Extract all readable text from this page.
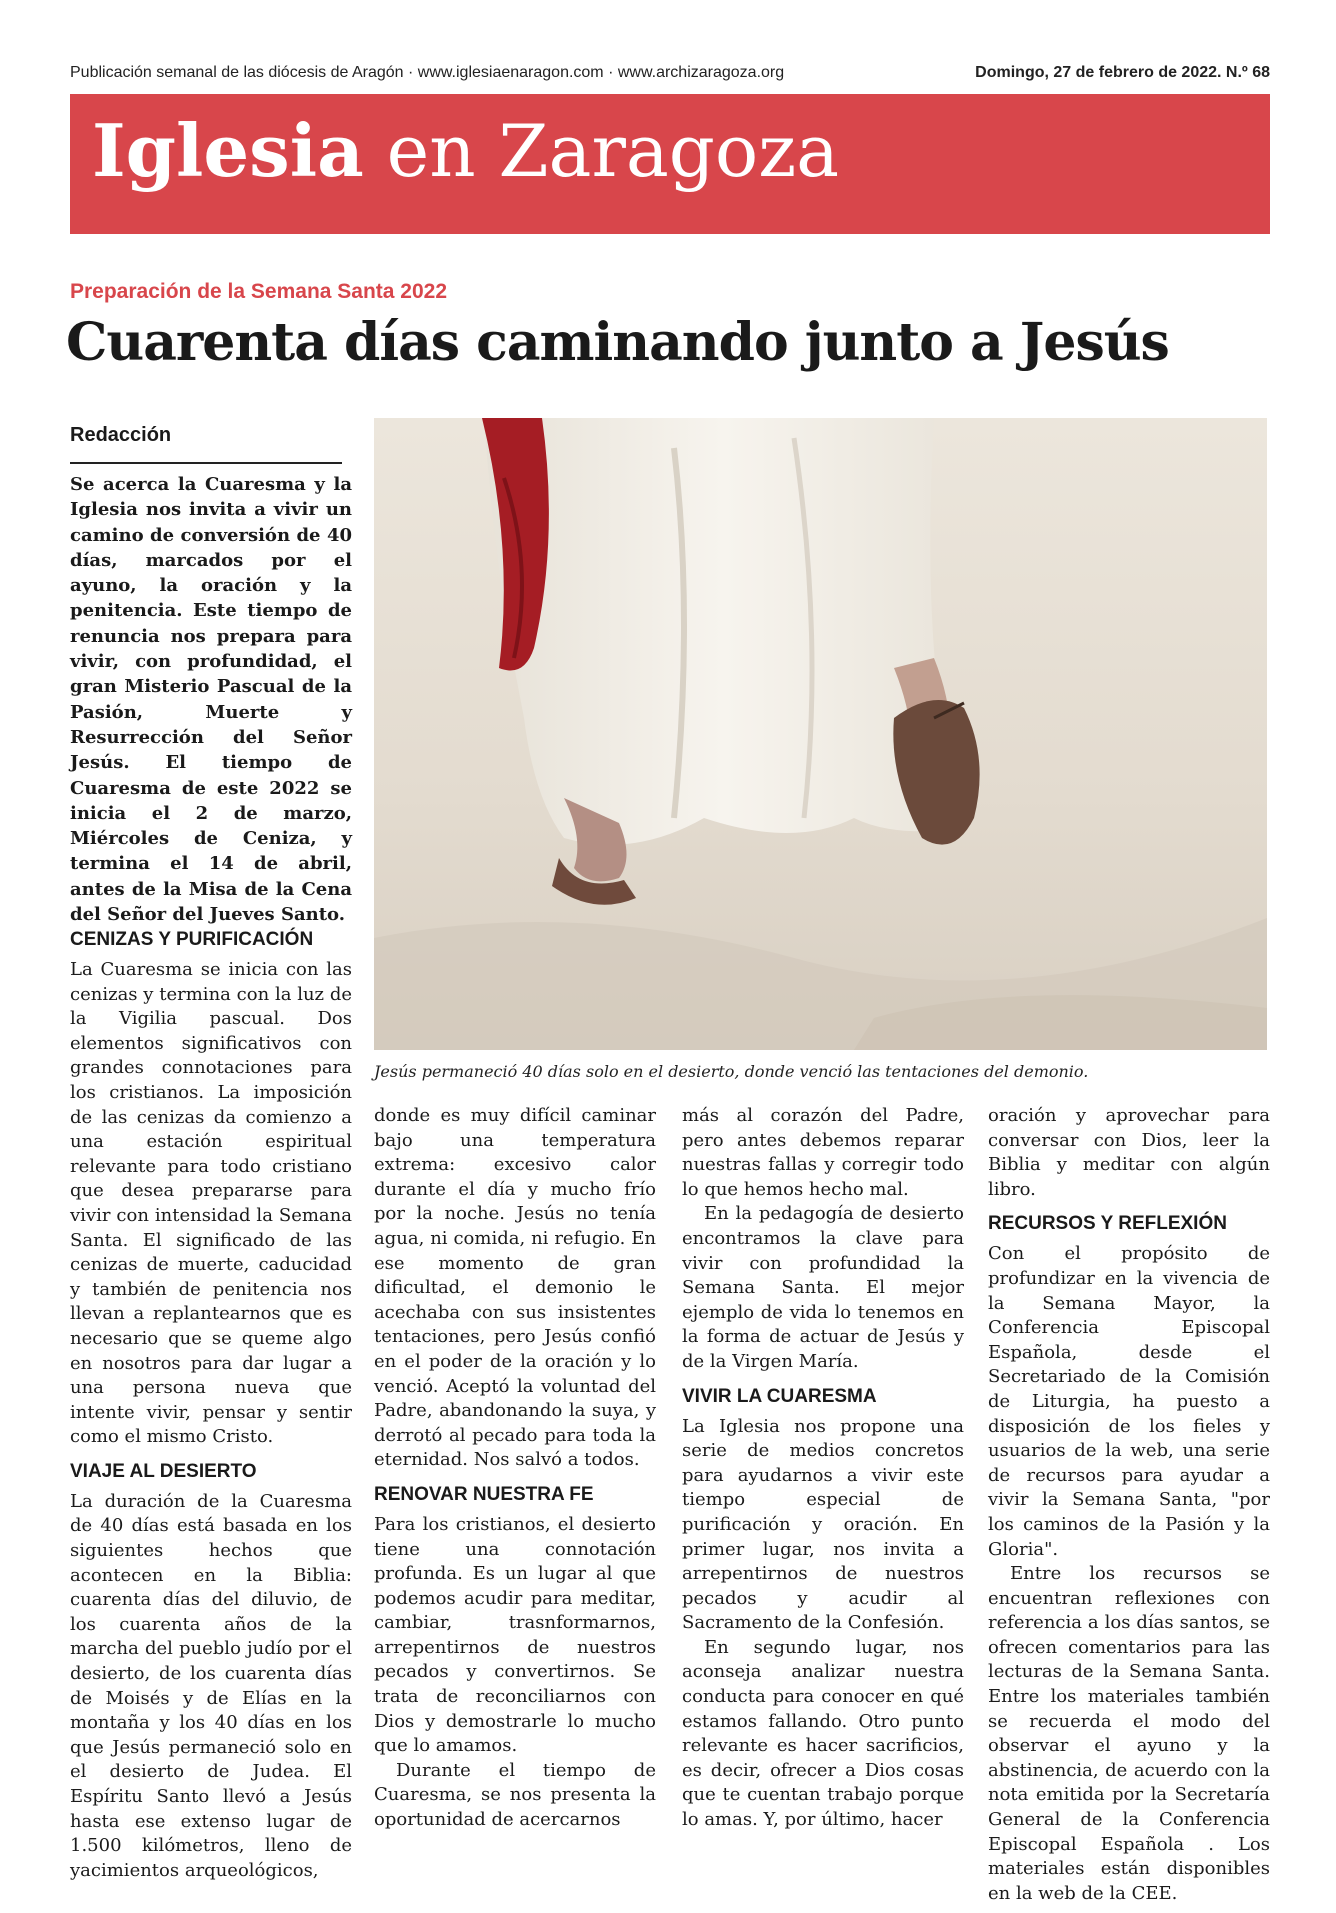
Publicación semanal de las diócesis de Aragón · www.iglesiaenaragon.com · www.archizaragoza.org	Domingo, 27 de febrero de 2022. N.º 68
Iglesia en Zaragoza
Preparación de la Semana Santa 2022
Cuarenta días caminando junto a Jesús
Redacción
Se acerca la Cuaresma y la Iglesia nos invita a vivir un camino de conversión de 40 días, marcados por el ayuno, la oración y la penitencia. Este tiempo de renuncia nos prepara para vivir, con profundidad, el gran Misterio Pascual de la Pasión, Muerte y Resurrección del Señor Jesús. El tiempo de Cuaresma de este 2022 se inicia el 2 de marzo, Miércoles de Ceniza, y termina el 14 de abril, antes de la Misa de la Cena del Señor del Jueves Santo.
Jesús permaneció 40 días solo en el desierto, donde venció las tentaciones del demonio.
CENIZAS Y PURIFICACIÓN

La Cuaresma se inicia con las cenizas y termina con la luz de la Vigilia pascual. Dos elementos significativos con grandes connotaciones para los cristianos. La imposición de las cenizas da comienzo a una estación espiritual relevante para todo cristiano que desea prepararse para vivir con intensidad la Semana Santa. El significado de las cenizas de muerte, caducidad y también de penitencia nos llevan a replantearnos que es necesario que se queme algo en nosotros para dar lugar a una persona nueva que intente vivir, pensar y sentir como el mismo Cristo.

VIAJE AL DESIERTO

La duración de la Cuaresma de 40 días está basada en los siguientes hechos que acontecen en la Biblia: cuarenta días del diluvio, de los cuarenta años de la marcha del pueblo judío por el desierto, de los cuarenta días de Moisés y de Elías en la montaña y los 40 días en los que Jesús permaneció solo en el desierto de Judea. El Espíritu Santo llevó a Jesús hasta ese extenso lugar de 1.500 kilómetros, lleno de yacimientos arqueológicos,

donde es muy difícil caminar bajo una temperatura extrema: excesivo calor durante el día y mucho frío por la noche. Jesús no tenía agua, ni comida, ni refugio. En ese momento de gran dificultad, el demonio le acechaba con sus insistentes tentaciones, pero Jesús confió en el poder de la oración y lo venció. Aceptó la voluntad del Padre, abandonando la suya, y derrotó al pecado para toda la eternidad. Nos salvó a todos.

RENOVAR NUESTRA FE

Para los cristianos, el desierto tiene una connotación profunda. Es un lugar al que podemos acudir para meditar, cambiar, trasnformarnos, arrepentirnos de nuestros pecados y convertirnos. Se trata de reconciliarnos con Dios y demostrarle lo mucho que lo amamos.

Durante el tiempo de Cuaresma, se nos presenta la oportunidad de acercarnos

más al corazón del Padre, pero antes debemos reparar nuestras fallas y corregir todo lo que hemos hecho mal.

En la pedagogía de desierto encontramos la clave para vivir con profundidad la Semana Santa. El mejor ejemplo de vida lo tenemos en la forma de actuar de Jesús y de la Virgen María.

VIVIR LA CUARESMA

La Iglesia nos propone una serie de medios concretos para ayudarnos a vivir este tiempo especial de purificación y oración. En primer lugar, nos invita a arrepentirnos de nuestros pecados y acudir al Sacramento de la Confesión.

En segundo lugar, nos aconseja analizar nuestra conducta para conocer en qué estamos fallando. Otro punto relevante es hacer sacrificios, es decir, ofrecer a Dios cosas que te cuentan trabajo porque lo amas. Y, por último, hacer

oración y aprovechar para conversar con Dios, leer la Biblia y meditar con algún libro.

RECURSOS Y REFLEXIÓN

Con el propósito de profundizar en la vivencia de la Semana Mayor, la Conferencia Episcopal Española, desde el Secretariado de la Comisión de Liturgia, ha puesto a disposición de los fieles y usuarios de la web, una serie de recursos para ayudar a vivir la Semana Santa, "por los caminos de la Pasión y la Gloria".

Entre los recursos se encuentran reflexiones con referencia a los días santos, se ofrecen comentarios para las lecturas de la Semana Santa. Entre los materiales también se recuerda el modo del observar el ayuno y la abstinencia, de acuerdo con la nota emitida por la Secretaría General de la Conferencia Episcopal Española . Los materiales están disponibles en la web de la CEE.
